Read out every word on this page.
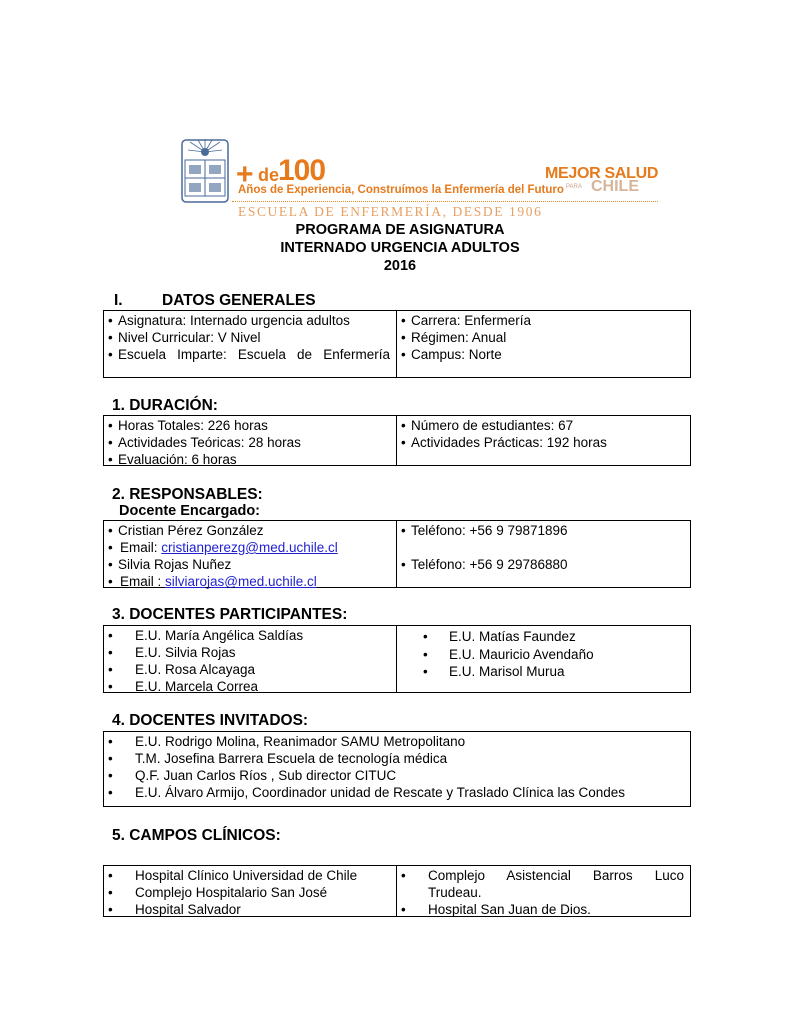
+ de
100
Años de Experiencia, Construímos la Enfermería del Futuro
MEJOR SALUD
PARA CHILE
ESCUELA DE ENFERMERÍA, DESDE 1906
PROGRAMA DE ASIGNATURA
INTERNADO URGENCIA ADULTOS
2016
I.	DATOS GENERALES
• Asignatura: Internado urgencia adultos
• Nivel Curricular: V Nivel
• Escuela Imparte: Escuela de Enfermería
• Carrera: Enfermería
• Régimen: Anual
• Campus: Norte
1. DURACIÓN:
• Horas Totales: 226 horas
• Actividades Teóricas: 28 horas
• Evaluación: 6 horas
• Número de estudiantes: 67
• Actividades Prácticas: 192 horas
2. RESPONSABLES:
Docente Encargado:
• Cristian Pérez González
• Email: cristianperezg@med.uchile.cl
• Silvia Rojas Nuñez
• Email : silviarojas@med.uchile.cl
• Teléfono: +56 9 79871896
• Teléfono: +56 9 29786880
3. DOCENTES PARTICIPANTES:
• E.U. María Angélica Saldías
• E.U. Silvia Rojas
• E.U. Rosa Alcayaga
• E.U. Marcela Correa
• E.U. Matías Faundez
• E.U. Mauricio Avendaño
• E.U. Marisol Murua
4. DOCENTES INVITADOS:
• E.U. Rodrigo Molina, Reanimador SAMU Metropolitano
• T.M. Josefina Barrera Escuela de tecnología médica
• Q.F. Juan Carlos Ríos , Sub director CITUC
• E.U. Álvaro Armijo, Coordinador unidad de Rescate y Traslado Clínica las Condes
5. CAMPOS CLÍNICOS:
• Hospital Clínico Universidad de Chile
• Complejo Hospitalario San José
• Hospital Salvador
• Complejo Asistencial Barros Luco Trudeau.
• Hospital San Juan de Dios.
